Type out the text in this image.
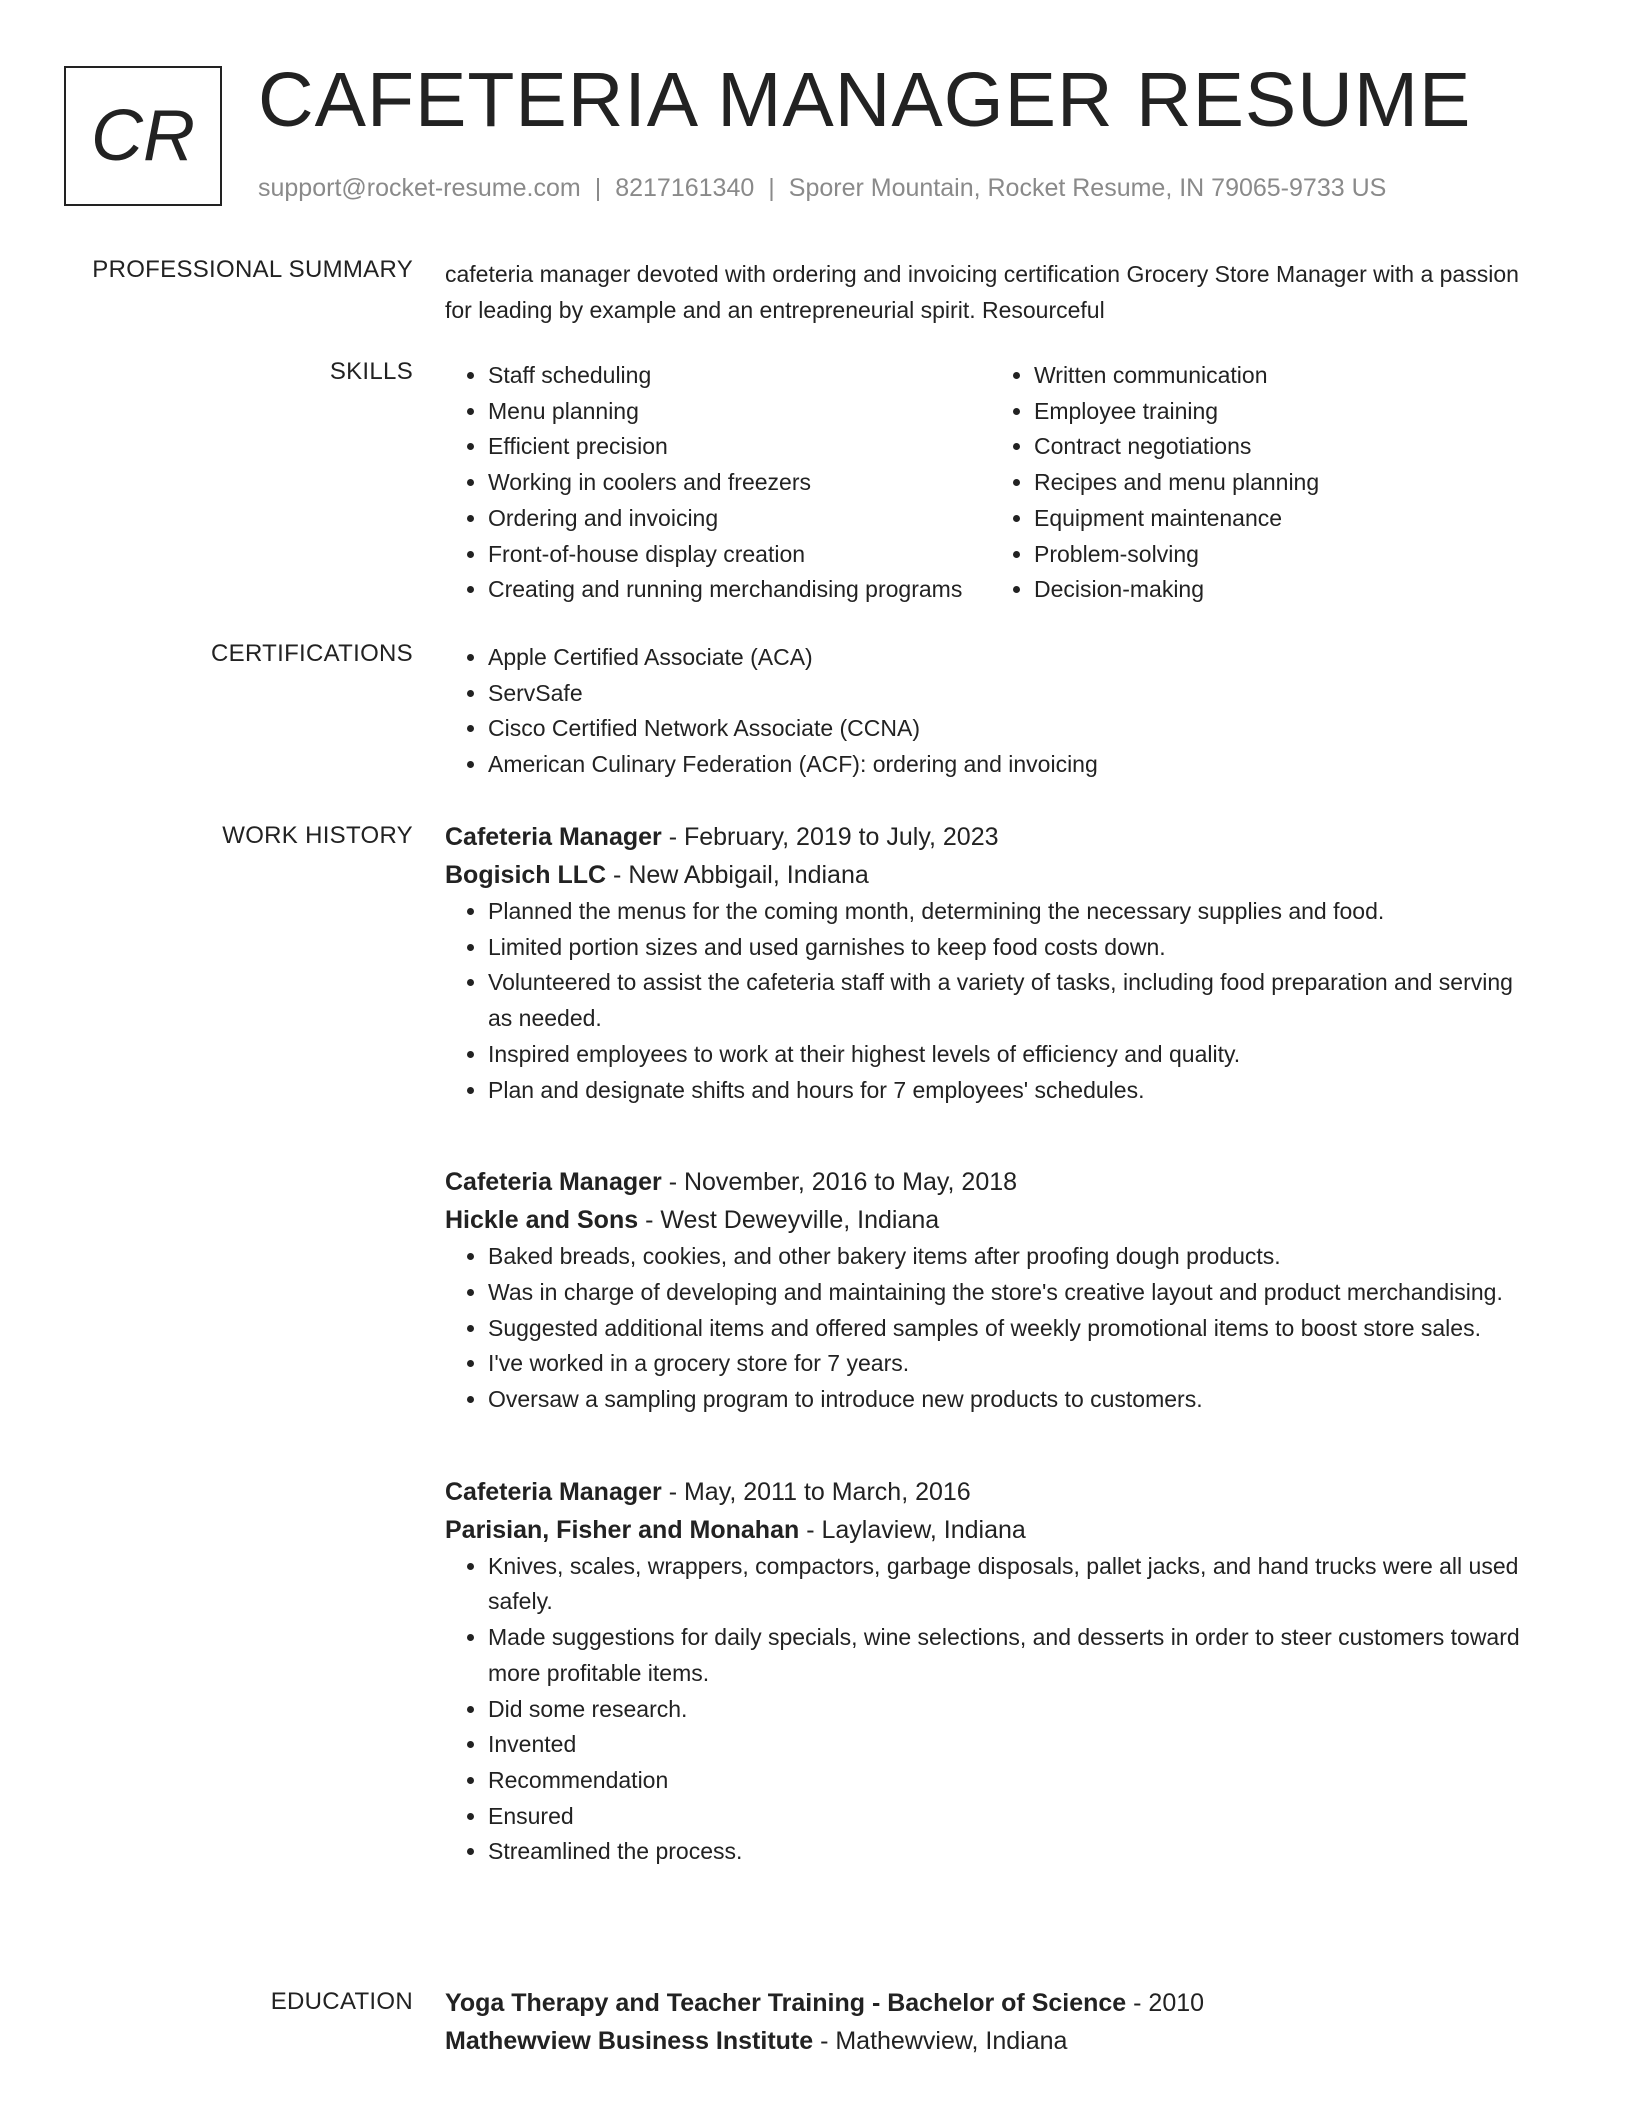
CR CAFETERIA MANAGER RESUME
support@rocket-resume.com | 8217161340 | Sporer Mountain, Rocket Resume, IN 79065-9733 US
PROFESSIONAL SUMMARY cafeteria manager devoted with ordering and invoicing certification Grocery Store Manager with a passion for leading by example and an entrepreneurial spirit. Resourceful
SKILLS	• Staff scheduling
• Menu planning
• Efficient precision
• Working in coolers and freezers
• Ordering and invoicing
• Front-of-house display creation
• Creating and running merchandising programs
• Written communication
• Employee training
• Contract negotiations
• Recipes and menu planning
• Equipment maintenance
• Problem-solving
• Decision-making
CERTIFICATIONS	• Apple Certified Associate (ACA)
• ServSafe
• Cisco Certified Network Associate (CCNA)
• American Culinary Federation (ACF): ordering and invoicing
WORK HISTORY Cafeteria Manager - February, 2019 to July, 2023
Bogisich LLC - New Abbigail, Indiana
• Planned the menus for the coming month, determining the necessary supplies and food.
• Limited portion sizes and used garnishes to keep food costs down.
• Volunteered to assist the cafeteria staff with a variety of tasks, including food preparation and serving as needed.
• Inspired employees to work at their highest levels of efficiency and quality.
• Plan and designate shifts and hours for 7 employees' schedules.
Cafeteria Manager - November, 2016 to May, 2018
Hickle and Sons - West Deweyville, Indiana
• Baked breads, cookies, and other bakery items after proofing dough products.
• Was in charge of developing and maintaining the store's creative layout and product merchandising.
• Suggested additional items and offered samples of weekly promotional items to boost store sales.
• I've worked in a grocery store for 7 years.
• Oversaw a sampling program to introduce new products to customers.
Cafeteria Manager - May, 2011 to March, 2016
Parisian, Fisher and Monahan - Laylaview, Indiana
• Knives, scales, wrappers, compactors, garbage disposals, pallet jacks, and hand trucks were all used safely.
• Made suggestions for daily specials, wine selections, and desserts in order to steer customers toward more profitable items.
• Did some research.
• Invented
• Recommendation
• Ensured
• Streamlined the process.
EDUCATION Yoga Therapy and Teacher Training - Bachelor of Science - 2010
Mathewview Business Institute - Mathewview, Indiana
